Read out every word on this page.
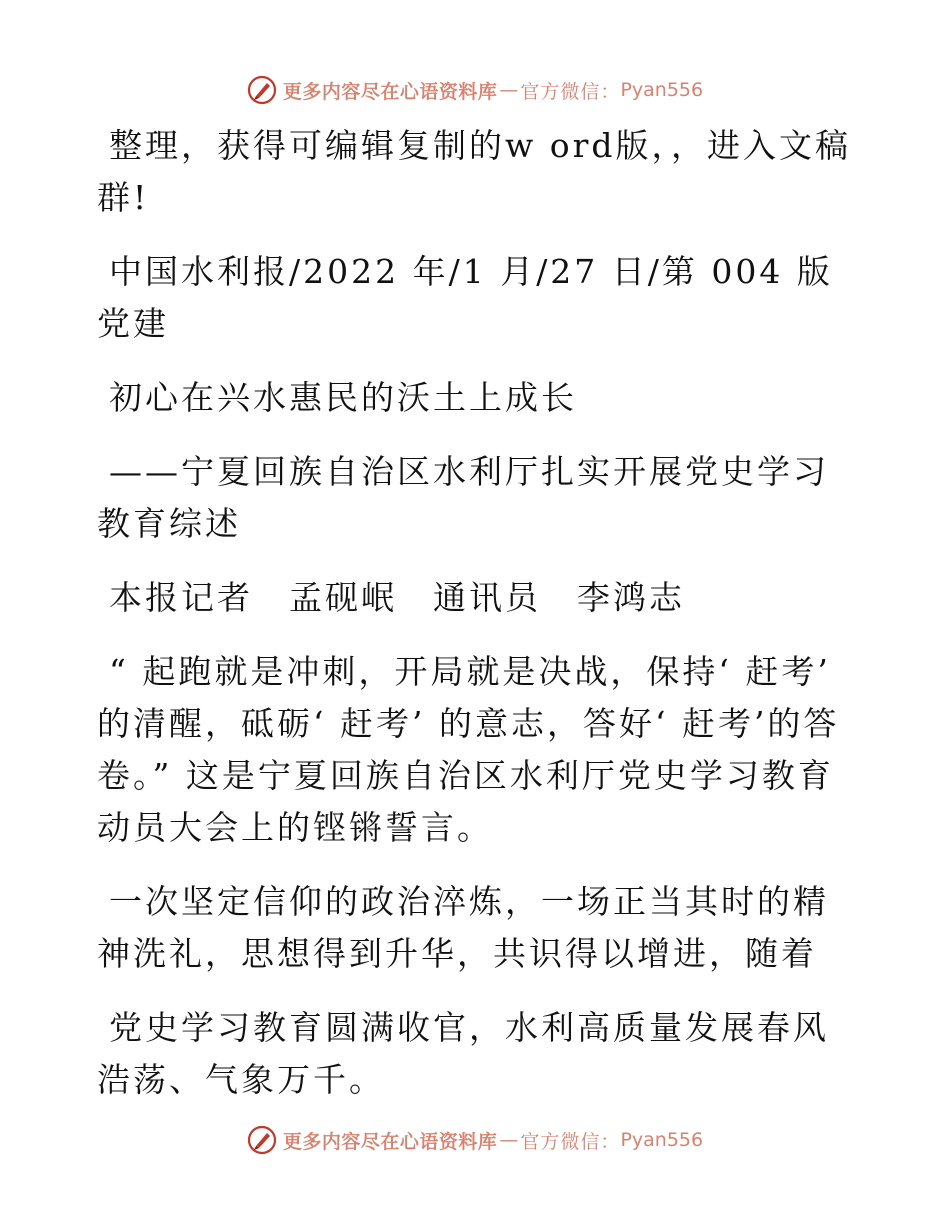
更多内容尽在心语资料库 — 官方微信： Pyan556

整理，获得可编辑复制的w ord版，，进入文稿群!

中国水利报/2022 年/1 月/27 日/第 004 版党建

初心在兴水惠民的沃土上成长

——宁夏回族自治区水利厅扎实开展党史学习教育综述

本报记者　孟砚岷　通讯员　李鸿志

“ 起跑就是冲刺，开局就是决战，保持‘ 赶考’ 的清醒，砥砺‘ 赶考’ 的意志，答好‘ 赶考’的答卷。” 这是宁夏回族自治区水利厅党史学习教育动员大会上的铿锵誓言。

一次坚定信仰的政治淬炼，一场正当其时的精神洗礼，思想得到升华，共识得以增进，随着

党史学习教育圆满收官，水利高质量发展春风浩荡、气象万千。

更多内容尽在心语资料库 — 官方微信： Pyan556
